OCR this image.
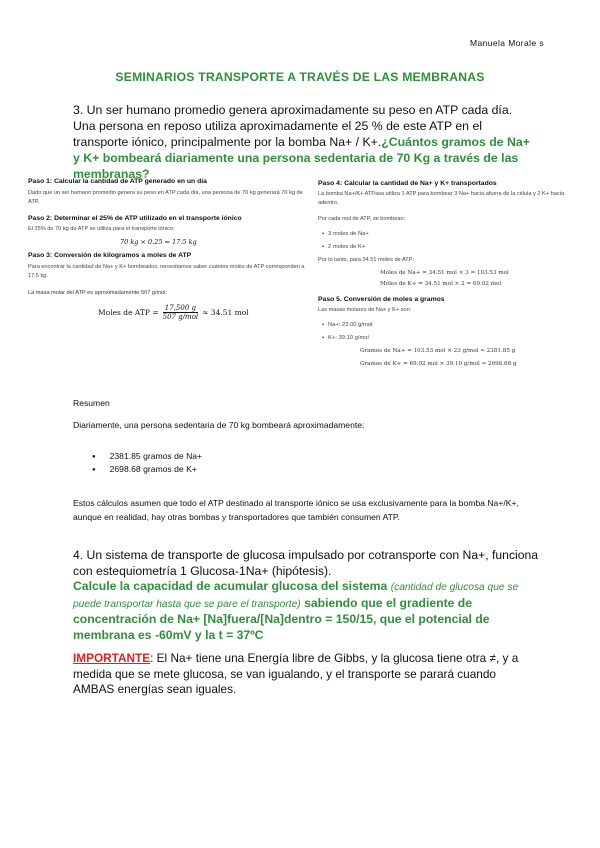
Manuela Morale s
SEMINARIOS TRANSPORTE A TRAVÉS DE LAS MEMBRANAS
3. Un ser humano promedio genera aproximadamente su peso en ATP cada día. Una persona en reposo utiliza aproximadamente el 25 % de este ATP en el transporte iónico, principalmente por la bomba Na+ / K+.¿Cuántos gramos de Na+ y K+ bombeará diariamente una persona sedentaria de 70 Kg a través de las membranas?
Paso 1: Calcular la cantidad de ATP generado en un día
Dado que un ser humano promedio genera su peso en ATP cada día, una persona de 70 kg generará 70 kg de ATP.
Paso 2: Determinar el 25% de ATP utilizado en el transporte iónico
El 25% de 70 kg de ATP se utiliza para el transporte iónico:
70 kg × 0.25 = 17.5 kg
Paso 3: Conversión de kilogramos a moles de ATP
Para encontrar la cantidad de Na+ y K+ bombeados, necesitamos saber cuántos moles de ATP corresponden a 17.5 kg.
La masa molar del ATP es aproximadamente 507 g/mol:
Moles de ATP = $\frac{17,500 g}{\text{507 g/mol}} \approx 34.51$ mol
Paso 4: Calcular la cantidad de Na+ y K+ transportados
La bomba Na+/K+ ATPasa utiliza 1 ATP para bombear 3 Na+ hacia afuera de la célula y 2 K+ hacia adentro.
Por cada mol de ATP, se bombean:
• 3 moles de Na+
• 2 moles de K+
Por lo tanto, para 34.51 moles de ATP:
Moles de Na+ = 34.51 mol × 3 = 103.53 mol
Moles de K+ = 34.51 mol × 2 = 69.02 mol
Paso 5. Conversión de moles a gramos
Las masas molares de Na+ y K+ son:
• Na+: 23.00 g/mol
• K+: 39.10 g/mol
Gramos de Na+ = 103.53 mol × 23 g/mol ≈ 2381.85 g
Gramos de K+ = 69.02 mol × 39.10 g/mol ≈ 2698.68 g
Resumen
Diariamente, una persona sedentaria de 70 kg bombeará aproximadamente:
● 2381.85 gramos de Na+
● 2698.68 gramos de K+
Estos cálculos asumen que todo el ATP destinado al transporte iónico se usa exclusivamente para la bomba Na+/K+, aunque en realidad, hay otras bombas y transportadores que también consumen ATP.
4. Un sistema de transporte de glucosa impulsado por cotransporte con Na+, funciona con estequiometría 1 Glucosa-1Na+ (hipótesis).
Calcule la capacidad de acumular glucosa del sistema (cantidad de glucosa que se puede transportar hasta que se pare el transporte) sabiendo que el gradiente de concentración de Na+ [Na]fuera/[Na]dentro = 150/15, que el potencial de membrana es -60mV y la t = 37ºC
IMPORTANTE: El Na+ tiene una Energía libre de Gibbs, y la glucosa tiene otra ≠, y a medida que se mete glucosa, se van igualando, y el transporte se parará cuando AMBAS energías sean iguales.
